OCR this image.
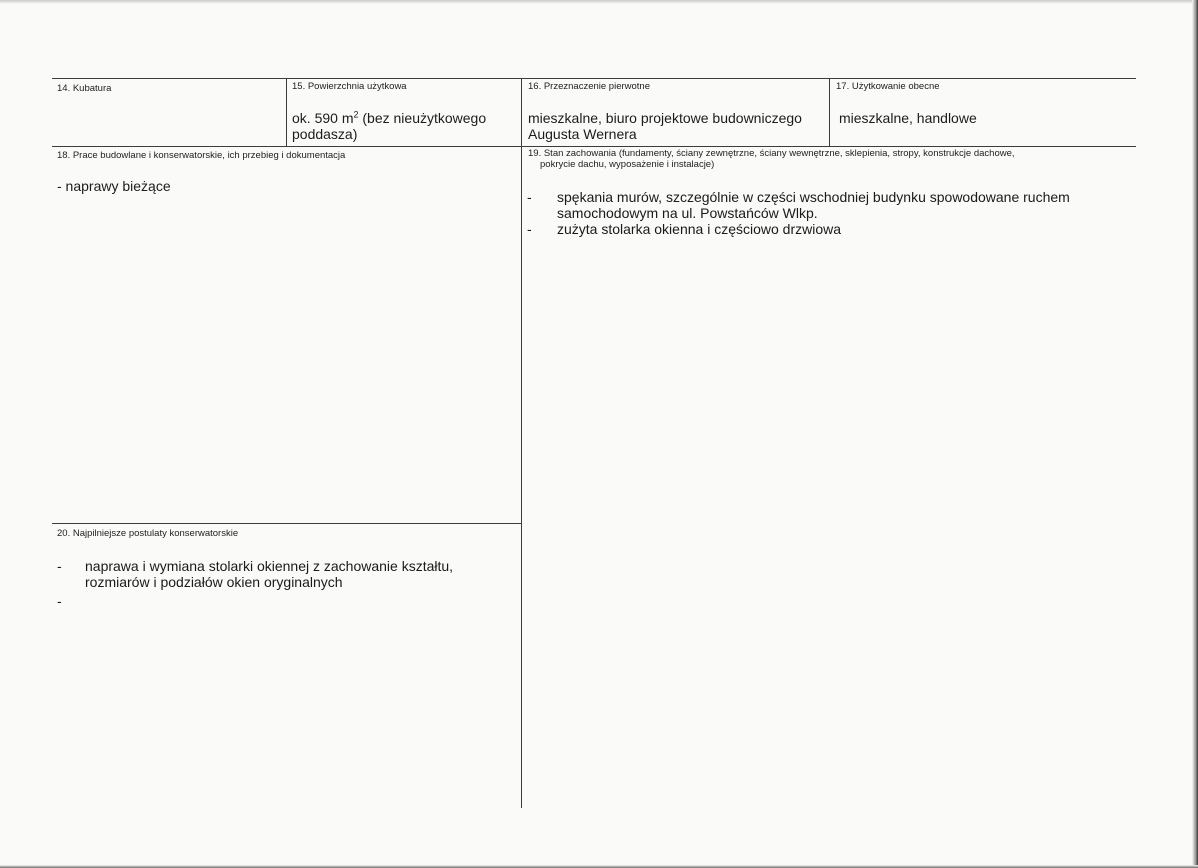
14. Kubatura	15. Powierzchnia użytkowa
ok. 590 $m^2$ (bez nieużytkowego
poddasza)
16. Przeznaczenie pierwotne
mieszkalne, biuro projektowe budowniczego
Augusta Wernera
17. Użytkowanie obecne
mieszkalne, handlowe
18. Prace budowlane i konserwatorskie, ich przebieg i dokumentacja
- naprawy bieżące
19. Stan zachowania (fundamenty, ściany zewnętrzne, ściany wewnętrzne, sklepienia, stropy, konstrukcje dachowe,
pokrycie dachu, wyposażenie i instalacje)
- spękania murów, szczególnie w części wschodniej budynku spowodowane ruchem
samochodowym na ul. Powstańców Wlkp.
- zużyta stolarka okienna i częściowo drzwiowa
20. Najpilniejsze postulaty konserwatorskie
- naprawa i wymiana stolarki okiennej z zachowanie kształtu,
rozmiarów i podziałów okien oryginalnych
-
